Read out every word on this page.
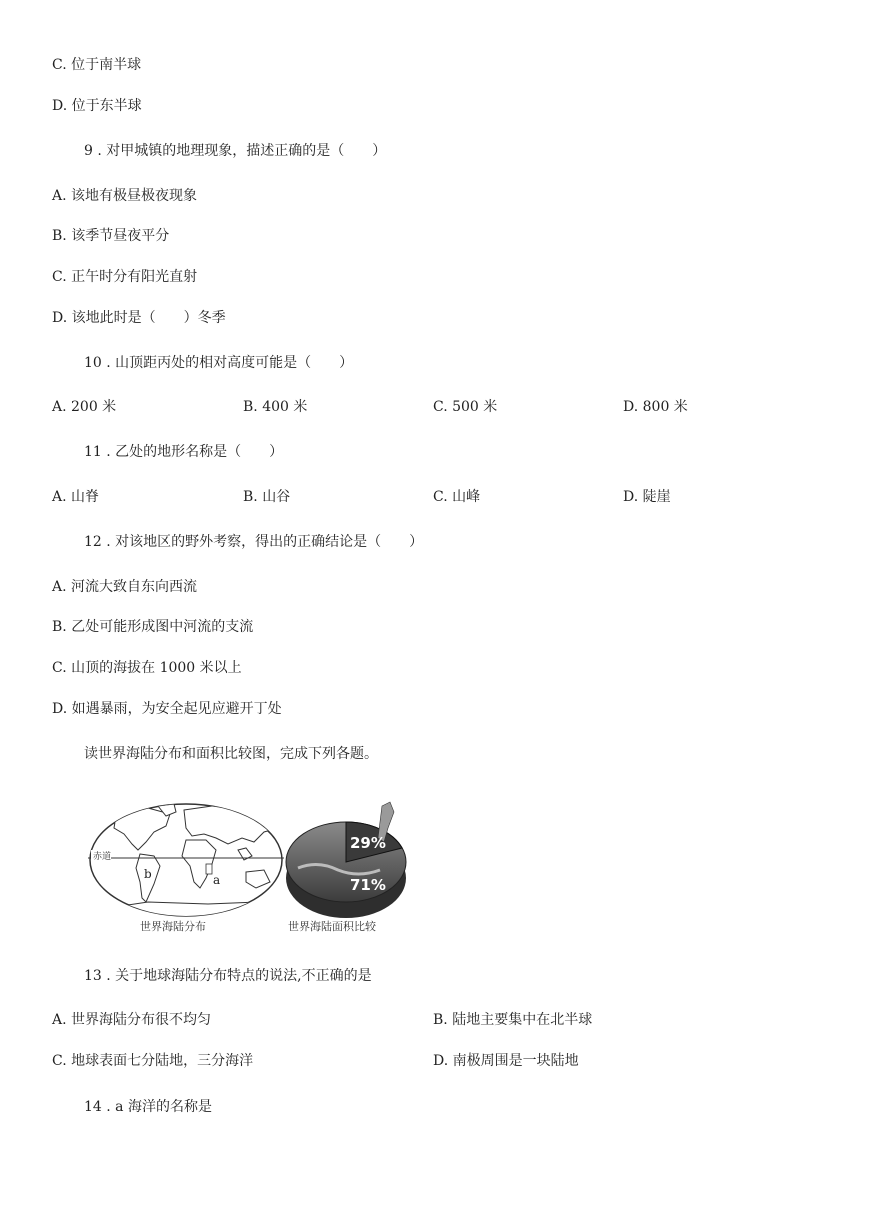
C. 位于南半球
D. 位于东半球
9 . 对甲城镇的地理现象，描述正确的是（　　）
A. 该地有极昼极夜现象
B. 该季节昼夜平分
C. 正午时分有阳光直射
D. 该地此时是（　　）冬季
10 . 山顶距丙处的相对高度可能是（　　）
A. 200 米	B. 400 米	C. 500 米	D. 800 米
11 . 乙处的地形名称是（　　）
A. 山脊	B. 山谷	C. 山峰	D. 陡崖
12 . 对该地区的野外考察，得出的正确结论是（　　）
A. 河流大致自东向西流
B. 乙处可能形成图中河流的支流
C. 山顶的海拔在 1000 米以上
D. 如遇暴雨，为安全起见应避开丁处
读世界海陆分布和面积比较图，完成下列各题。
赤道
a
b
世界海陆分布
29%
71%
世界海陆面积比较
13 . 关于地球海陆分布特点的说法,不正确的是
A. 世界海陆分布很不均匀	B. 陆地主要集中在北半球
C. 地球表面七分陆地，三分海洋	D. 南极周围是一块陆地
14 . a 海洋的名称是
